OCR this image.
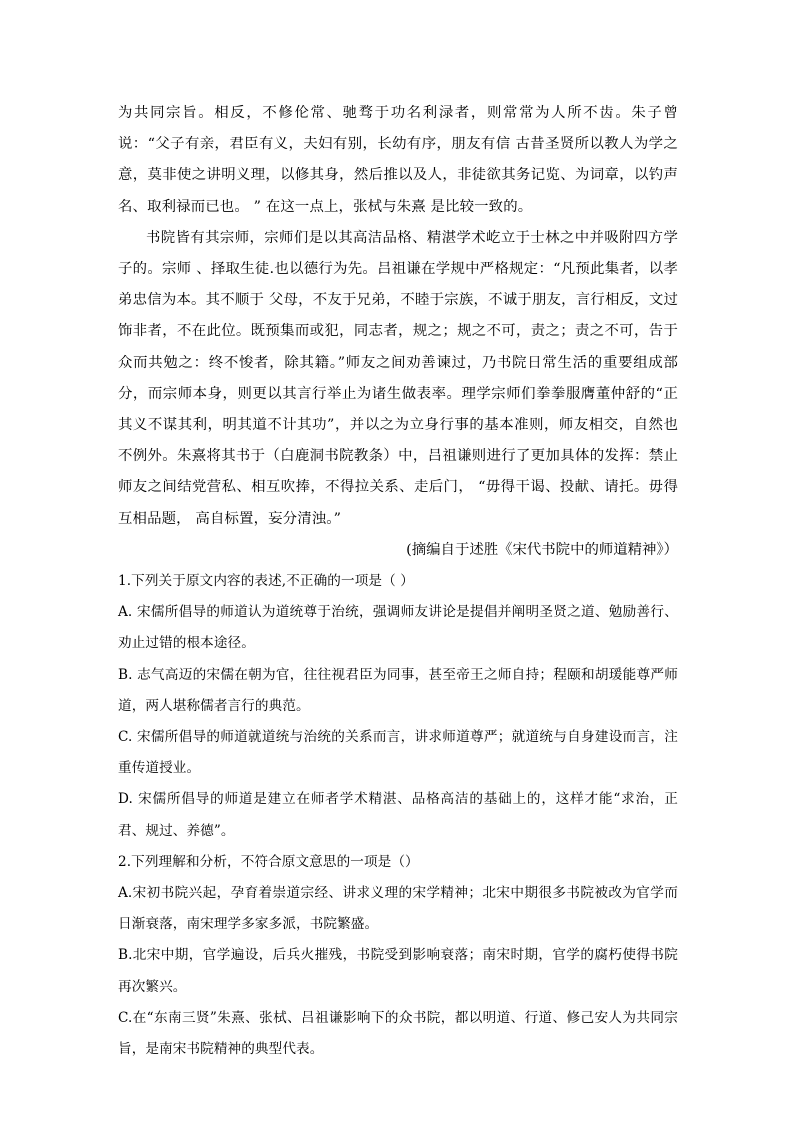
为共同宗旨。相反，不修伦常、驰骛于功名利渌者，则常常为人所不齿。朱子曾说：“父子有亲，君臣有义，夫妇有别，长幼有序，朋友有信 古昔圣贤所以教人为学之意，莫非使之讲明义理，以修其身，然后推以及人，非徒欲其务记览、为词章，以钓声名、取利禄而已也。 ” 在这一点上，张栻与朱熹 是比较一致的。

书院皆有其宗师，宗师们是以其高洁品格、精湛学术屹立于士林之中并吸附四方学子的。宗师 、择取生徒.也以德行为先。吕祖谦在学规中严格规定：“凡预此集者，以孝弟忠信为本。其不顺于 父母，不友于兄弟，不睦于宗族，不诚于朋友，言行相反，文过饰非者，不在此位。既预集而或犯，同志者，规之；规之不可，责之；责之不可，告于众而共勉之：终不悛者，除其籍。”师友之间劝善谏过，乃书院日常生活的重要组成部分，而宗师本身，则更以其言行举止为诸生做表率。理学宗师们拳拳服膺董仲舒的“正其义不谋其利，明其道不计其功”，并以之为立身行事的基本准则，师友相交，自然也不例外。朱熹将其书于（白鹿洞书院教条）中，吕祖谦则进行了更加具体的发挥：禁止师友之间结党营私、相互吹捧，不得拉关系、走后门， “毋得干谒、投献、请托。毋得互相品题， 高自标置，妄分清浊。”

(摘编自于述胜《宋代书院中的师道精神》）

1.下列关于原文内容的表述,不正确的一项是（ ）

A. 宋儒所倡导的师道认为道统尊于治统，强调师友讲论是提倡并阐明圣贤之道、勉励善行、劝止过错的根本途径。

B. 志气高迈的宋儒在朝为官，往往视君臣为同事，甚至帝王之师自持；程颐和胡瑗能尊严师道，两人堪称儒者言行的典范。

C. 宋儒所倡导的师道就道统与治统的关系而言，讲求师道尊严；就道统与自身建设而言，注重传道授业。

D. 宋儒所倡导的师道是建立在师者学术精湛、品格高洁的基础上的，这样才能“求治，正君、规过、养德”。

2.下列理解和分析，不符合原文意思的一项是（）

A.宋初书院兴起，孕育着崇道宗经、讲求义理的宋学精神；北宋中期很多书院被改为官学而日渐衰落，南宋理学多家多派，书院繁盛。

B.北宋中期，官学遍设，后兵火摧残，书院受到影响衰落；南宋时期，官学的腐朽使得书院再次繁兴。

C.在“东南三贤”朱熹、张栻、吕祖谦影响下的众书院，都以明道、行道、修己安人为共同宗旨，是南宋书院精神的典型代表。
